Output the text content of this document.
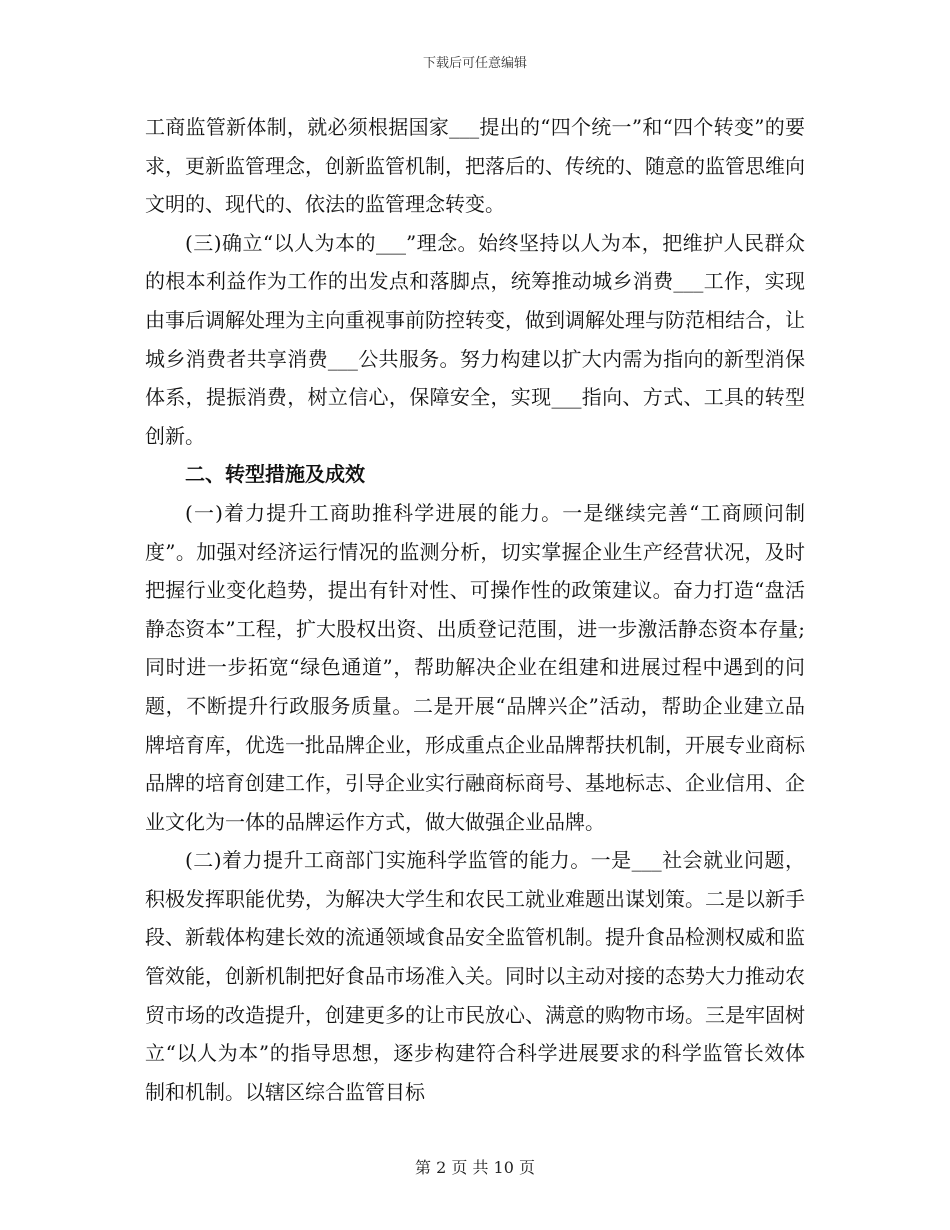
下载后可任意编辑

工商监管新体制，就必须根据国家___提出的“四个统一”和“四个转变”的要求，更新监管理念，创新监管机制，把落后的、传统的、随意的监管思维向文明的、现代的、依法的监管理念转变。

(三)确立“以人为本的___”理念。始终坚持以人为本，把维护人民群众的根本利益作为工作的出发点和落脚点，统筹推动城乡消费___工作，实现由事后调解处理为主向重视事前防控转变，做到调解处理与防范相结合，让城乡消费者共享消费___公共服务。努力构建以扩大内需为指向的新型消保体系，提振消费，树立信心，保障安全，实现___指向、方式、工具的转型创新。

二、转型措施及成效

(一)着力提升工商助推科学进展的能力。一是继续完善“工商顾问制度”。加强对经济运行情况的监测分析，切实掌握企业生产经营状况，及时把握行业变化趋势，提出有针对性、可操作性的政策建议。奋力打造“盘活静态资本”工程，扩大股权出资、出质登记范围，进一步激活静态资本存量;同时进一步拓宽“绿色通道”，帮助解决企业在组建和进展过程中遇到的问题，不断提升行政服务质量。二是开展“品牌兴企”活动，帮助企业建立品牌培育库，优选一批品牌企业，形成重点企业品牌帮扶机制，开展专业商标品牌的培育创建工作，引导企业实行融商标商号、基地标志、企业信用、企业文化为一体的品牌运作方式，做大做强企业品牌。

(二)着力提升工商部门实施科学监管的能力。一是___社会就业问题，积极发挥职能优势，为解决大学生和农民工就业难题出谋划策。二是以新手段、新载体构建长效的流通领域食品安全监管机制。提升食品检测权威和监管效能，创新机制把好食品市场准入关。同时以主动对接的态势大力推动农贸市场的改造提升，创建更多的让市民放心、满意的购物市场。三是牢固树立“以人为本”的指导思想，逐步构建符合科学进展要求的科学监管长效体制和机制。以辖区综合监管目标

第 2 页 共 10 页
